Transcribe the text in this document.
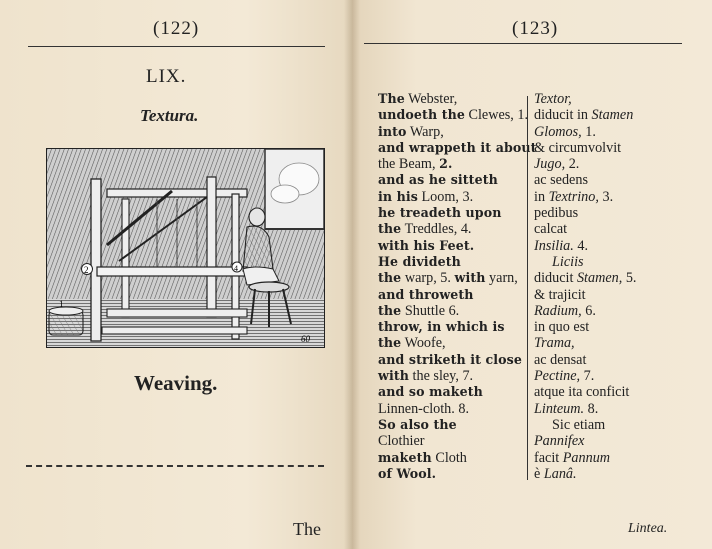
(122)
LIX.
Textura.
2
1
4
60
Weaving.
The
(123)
The Webster,
undoeth the Clewes, 1.
into Warp,
and wrappeth it about
the Beam, 2.
and as he sitteth
in his Loom, 3.
he treadeth upon
the Treddles, 4.
with his Feet.
He divideth
the warp, 5. with yarn,
and throweth
the Shuttle 6.
throw, in which is
the Woofe,
and striketh it close
with the sley, 7.
and so maketh
Linnen-cloth. 8.
So also the
Clothier
maketh Cloth
of Wool.
Textor,
diducit in Stamen
Glomos, 1.
& circumvolvit
Jugo, 2.
ac sedens
in Textrino, 3.
pedibus
calcat
Insilia. 4.
Liciis
diducit Stamen, 5.
& trajicit
Radium, 6.
in quo est
Trama,
ac densat
Pectine, 7.
atque ita conficit
Linteum. 8.
Sic etiam
Pannifex
facit Pannum
è Lanâ.
Lintea.
